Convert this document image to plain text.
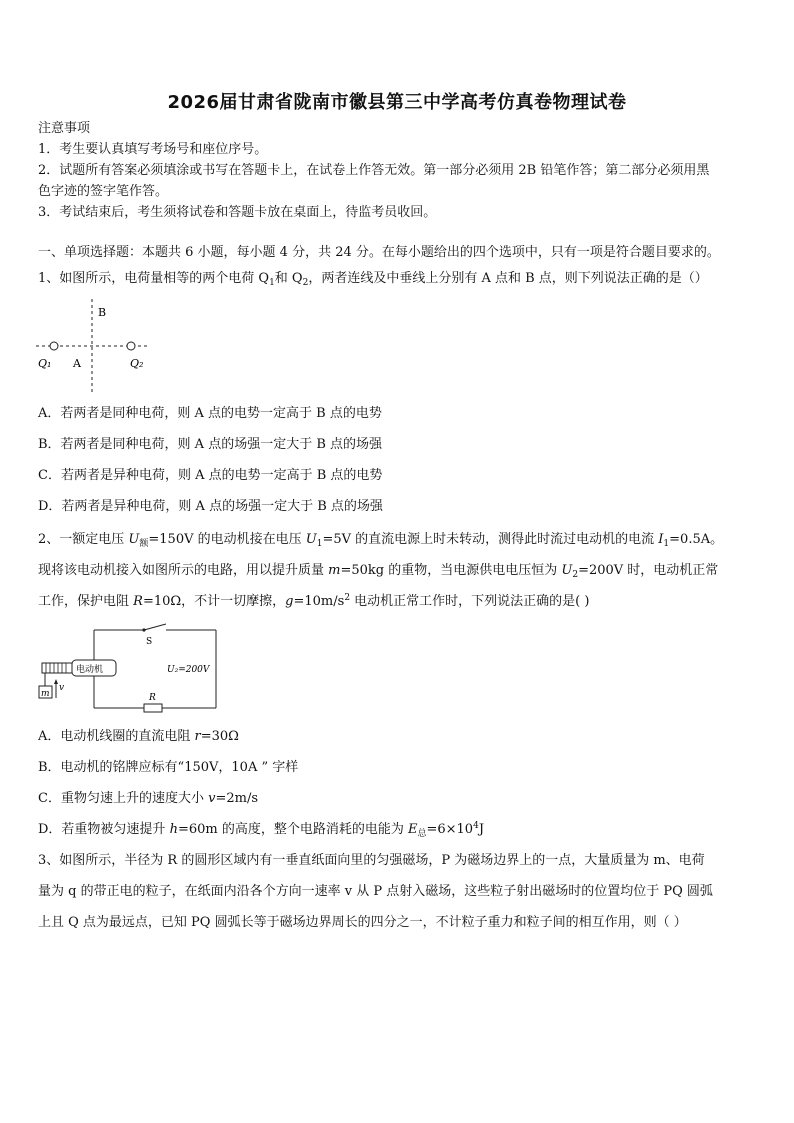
2026届甘肃省陇南市徽县第三中学高考仿真卷物理试卷
注意事项
1．考生要认真填写考场号和座位序号。
2．试题所有答案必须填涂或书写在答题卡上，在试卷上作答无效。第一部分必须用 2B 铅笔作答；第二部分必须用黑
色字迹的签字笔作答。
3．考试结束后，考生须将试卷和答题卡放在桌面上，待监考员收回。
一、单项选择题：本题共 6 小题，每小题 4 分，共 24 分。在每小题给出的四个选项中，只有一项是符合题目要求的。
1、如图所示，电荷量相等的两个电荷 $Q_1$和 $Q_2$，两者连线及中垂线上分别有 A 点和 B 点，则下列说法正确的是（）
B
A
Q₁	Q₂
A．若两者是同种电荷，则 A 点的电势一定高于 B 点的电势
B．若两者是同种电荷，则 A 点的场强一定大于 B 点的场强
C．若两者是异种电荷，则 A 点的电势一定高于 B 点的电势
D．若两者是异种电荷，则 A 点的场强一定大于 B 点的场强
2、一额定电压 $U_额=150V$ 的电动机接在电压 $U_1=5V$ 的直流电源上时未转动，测得此时流过电动机的电流 $I_1=0.5A$。
现将该电动机接入如图所示的电路，用以提升质量 m=50kg 的重物，当电源供电电压恒为 $U_2=200V$ 时，电动机正常
工作，保护电阻 R=10Ω，不计一切摩擦，$g=10m/s^2$ 电动机正常工作时，下列说法正确的是( )
S
U₂=200V
电动机
m
v
R
A．电动机线圈的直流电阻 r=30Ω
B．电动机的铭牌应标有“150V，10A ” 字样
C．重物匀速上升的速度大小 v=2m/s
D．若重物被匀速提升 h=60m 的高度，整个电路消耗的电能为 $E_总=6\times 10^4J$
3、如图所示，半径为 R 的圆形区域内有一垂直纸面向里的匀强磁场，P 为磁场边界上的一点，大量质量为 m、电荷
量为 q 的带正电的粒子，在纸面内沿各个方向一速率 v 从 P 点射入磁场，这些粒子射出磁场时的位置均位于 PQ 圆弧
上且 Q 点为最远点，已知 PQ 圆弧长等于磁场边界周长的四分之一，不计粒子重力和粒子间的相互作用，则（ ）
